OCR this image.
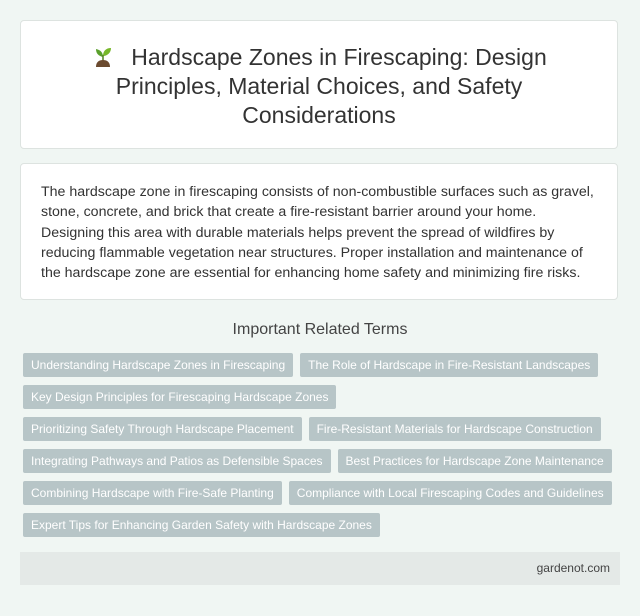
Hardscape Zones in Firescaping: Design Principles, Material Choices, and Safety Considerations

The hardscape zone in firescaping consists of non-combustible surfaces such as gravel, stone, concrete, and brick that create a fire-resistant barrier around your home. Designing this area with durable materials helps prevent the spread of wildfires by reducing flammable vegetation near structures. Proper installation and maintenance of the hardscape zone are essential for enhancing home safety and minimizing fire risks.

Important Related Terms
Understanding Hardscape Zones in Firescaping	The Role of Hardscape in Fire-Resistant Landscapes
Key Design Principles for Firescaping Hardscape Zones
Prioritizing Safety Through Hardscape Placement	Fire-Resistant Materials for Hardscape Construction
Integrating Pathways and Patios as Defensible Spaces	Best Practices for Hardscape Zone Maintenance
Combining Hardscape with Fire-Safe Planting	Compliance with Local Firescaping Codes and Guidelines
Expert Tips for Enhancing Garden Safety with Hardscape Zones
gardenot.com
